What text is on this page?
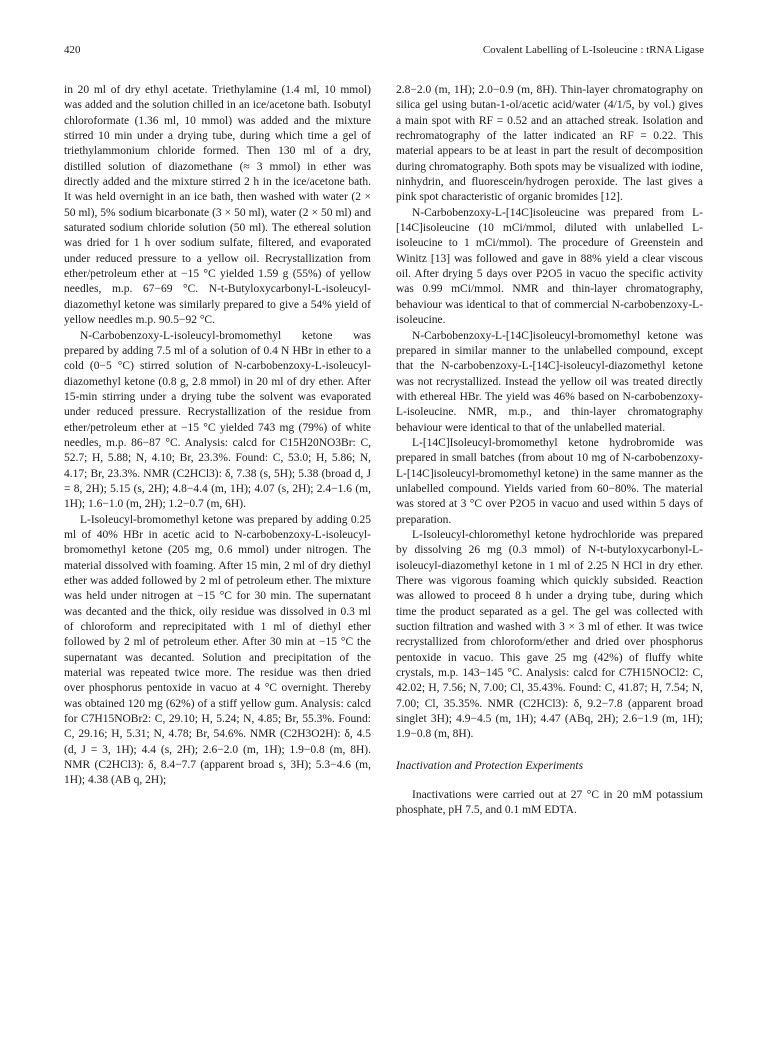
420	Covalent Labelling of L-Isoleucine : tRNA Ligase

in 20 ml of dry ethyl acetate. Triethylamine (1.4 ml, 10 mmol) was added and the solution chilled in an ice/acetone bath. Isobutyl chloroformate (1.36 ml, 10 mmol) was added and the mixture stirred 10 min under a drying tube, during which time a gel of triethylammonium chloride formed. Then 130 ml of a dry, distilled solution of diazomethane (≈ 3 mmol) in ether was directly added and the mixture stirred 2 h in the ice/acetone bath. It was held overnight in an ice bath, then washed with water (2 × 50 ml), 5% sodium bicarbonate (3 × 50 ml), water (2 × 50 ml) and saturated sodium chloride solution (50 ml). The ethereal solution was dried for 1 h over sodium sulfate, filtered, and evaporated under reduced pressure to a yellow oil. Recrystallization from ether/petroleum ether at −15 °C yielded 1.59 g (55%) of yellow needles, m.p. 67−69 °C. N-t-Butyloxycarbonyl-L-isoleucyl-diazomethyl ketone was similarly prepared to give a 54% yield of yellow needles m.p. 90.5−92 °C.

N-Carbobenzoxy-L-isoleucyl-bromomethyl ketone was prepared by adding 7.5 ml of a solution of 0.4 N HBr in ether to a cold (0−5 °C) stirred solution of N-carbobenzoxy-L-isoleucyl-diazomethyl ketone (0.8 g, 2.8 mmol) in 20 ml of dry ether. After 15-min stirring under a drying tube the solvent was evaporated under reduced pressure. Recrystallization of the residue from ether/petroleum ether at −15 °C yielded 743 mg (79%) of white needles, m.p. 86−87 °C. Analysis: calcd for C15H20NO3Br: C, 52.7; H, 5.88; N, 4.10; Br, 23.3%. Found: C, 53.0; H, 5.86; N, 4.17; Br, 23.3%. NMR (C2HCl3): δ, 7.38 (s, 5H); 5.38 (broad d, J = 8, 2H); 5.15 (s, 2H); 4.8−4.4 (m, 1H); 4.07 (s, 2H); 2.4−1.6 (m, 1H); 1.6−1.0 (m, 2H); 1.2−0.7 (m, 6H).

L-Isoleucyl-bromomethyl ketone was prepared by adding 0.25 ml of 40% HBr in acetic acid to N-carbobenzoxy-L-isoleucyl-bromomethyl ketone (205 mg, 0.6 mmol) under nitrogen. The material dissolved with foaming. After 15 min, 2 ml of dry diethyl ether was added followed by 2 ml of petroleum ether. The mixture was held under nitrogen at −15 °C for 30 min. The supernatant was decanted and the thick, oily residue was dissolved in 0.3 ml of chloroform and reprecipitated with 1 ml of diethyl ether followed by 2 ml of petroleum ether. After 30 min at −15 °C the supernatant was decanted. Solution and precipitation of the material was repeated twice more. The residue was then dried over phosphorus pentoxide in vacuo at 4 °C overnight. Thereby was obtained 120 mg (62%) of a stiff yellow gum. Analysis: calcd for C7H15NOBr2: C, 29.10; H, 5.24; N, 4.85; Br, 55.3%. Found: C, 29.16; H, 5.31; N, 4.78; Br, 54.6%. NMR (C2H3O2H): δ, 4.5 (d, J = 3, 1H); 4.4 (s, 2H); 2.6−2.0 (m, 1H); 1.9−0.8 (m, 8H). NMR (C2HCl3): δ, 8.4−7.7 (apparent broad s, 3H); 5.3−4.6 (m, 1H); 4.38 (AB q, 2H);

2.8−2.0 (m, 1H); 2.0−0.9 (m, 8H). Thin-layer chromatography on silica gel using butan-1-ol/acetic acid/water (4/1/5, by vol.) gives a main spot with RF = 0.52 and an attached streak. Isolation and rechromatography of the latter indicated an RF = 0.22. This material appears to be at least in part the result of decomposition during chromatography. Both spots may be visualized with iodine, ninhydrin, and fluorescein/hydrogen peroxide. The last gives a pink spot characteristic of organic bromides [12].

N-Carbobenzoxy-L-[14C]isoleucine was prepared from L-[14C]isoleucine (10 mCi/mmol, diluted with unlabelled L-isoleucine to 1 mCi/mmol). The procedure of Greenstein and Winitz [13] was followed and gave in 88% yield a clear viscous oil. After drying 5 days over P2O5 in vacuo the specific activity was 0.99 mCi/mmol. NMR and thin-layer chromatography, behaviour was identical to that of commercial N-carbobenzoxy-L-isoleucine.

N-Carbobenzoxy-L-[14C]isoleucyl-bromomethyl ketone was prepared in similar manner to the unlabelled compound, except that the N-carbobenzoxy-L-[14C]-isoleucyl-diazomethyl ketone was not recrystallized. Instead the yellow oil was treated directly with ethereal HBr. The yield was 46% based on N-carbobenzoxy-L-isoleucine. NMR, m.p., and thin-layer chromatography behaviour were identical to that of the unlabelled material.

L-[14C]Isoleucyl-bromomethyl ketone hydrobromide was prepared in small batches (from about 10 mg of N-carbobenzoxy-L-[14C]isoleucyl-bromomethyl ketone) in the same manner as the unlabelled compound. Yields varied from 60−80%. The material was stored at 3 °C over P2O5 in vacuo and used within 5 days of preparation.

L-Isoleucyl-chloromethyl ketone hydrochloride was prepared by dissolving 26 mg (0.3 mmol) of N-t-butyloxycarbonyl-L-isoleucyl-diazomethyl ketone in 1 ml of 2.25 N HCl in dry ether. There was vigorous foaming which quickly subsided. Reaction was allowed to proceed 8 h under a drying tube, during which time the product separated as a gel. The gel was collected with suction filtration and washed with 3 × 3 ml of ether. It was twice recrystallized from chloroform/ether and dried over phosphorus pentoxide in vacuo. This gave 25 mg (42%) of fluffy white crystals, m.p. 143−145 °C. Analysis: calcd for C7H15NOCl2: C, 42.02; H, 7.56; N, 7.00; Cl, 35.43%. Found: C, 41.87; H, 7.54; N, 7.00; Cl, 35.35%. NMR (C2HCl3): δ, 9.2−7.8 (apparent broad singlet 3H); 4.9−4.5 (m, 1H); 4.47 (ABq, 2H); 2.6−1.9 (m, 1H); 1.9−0.8 (m, 8H).

Inactivation and Protection Experiments

Inactivations were carried out at 27 °C in 20 mM potassium phosphate, pH 7.5, and 0.1 mM EDTA.
